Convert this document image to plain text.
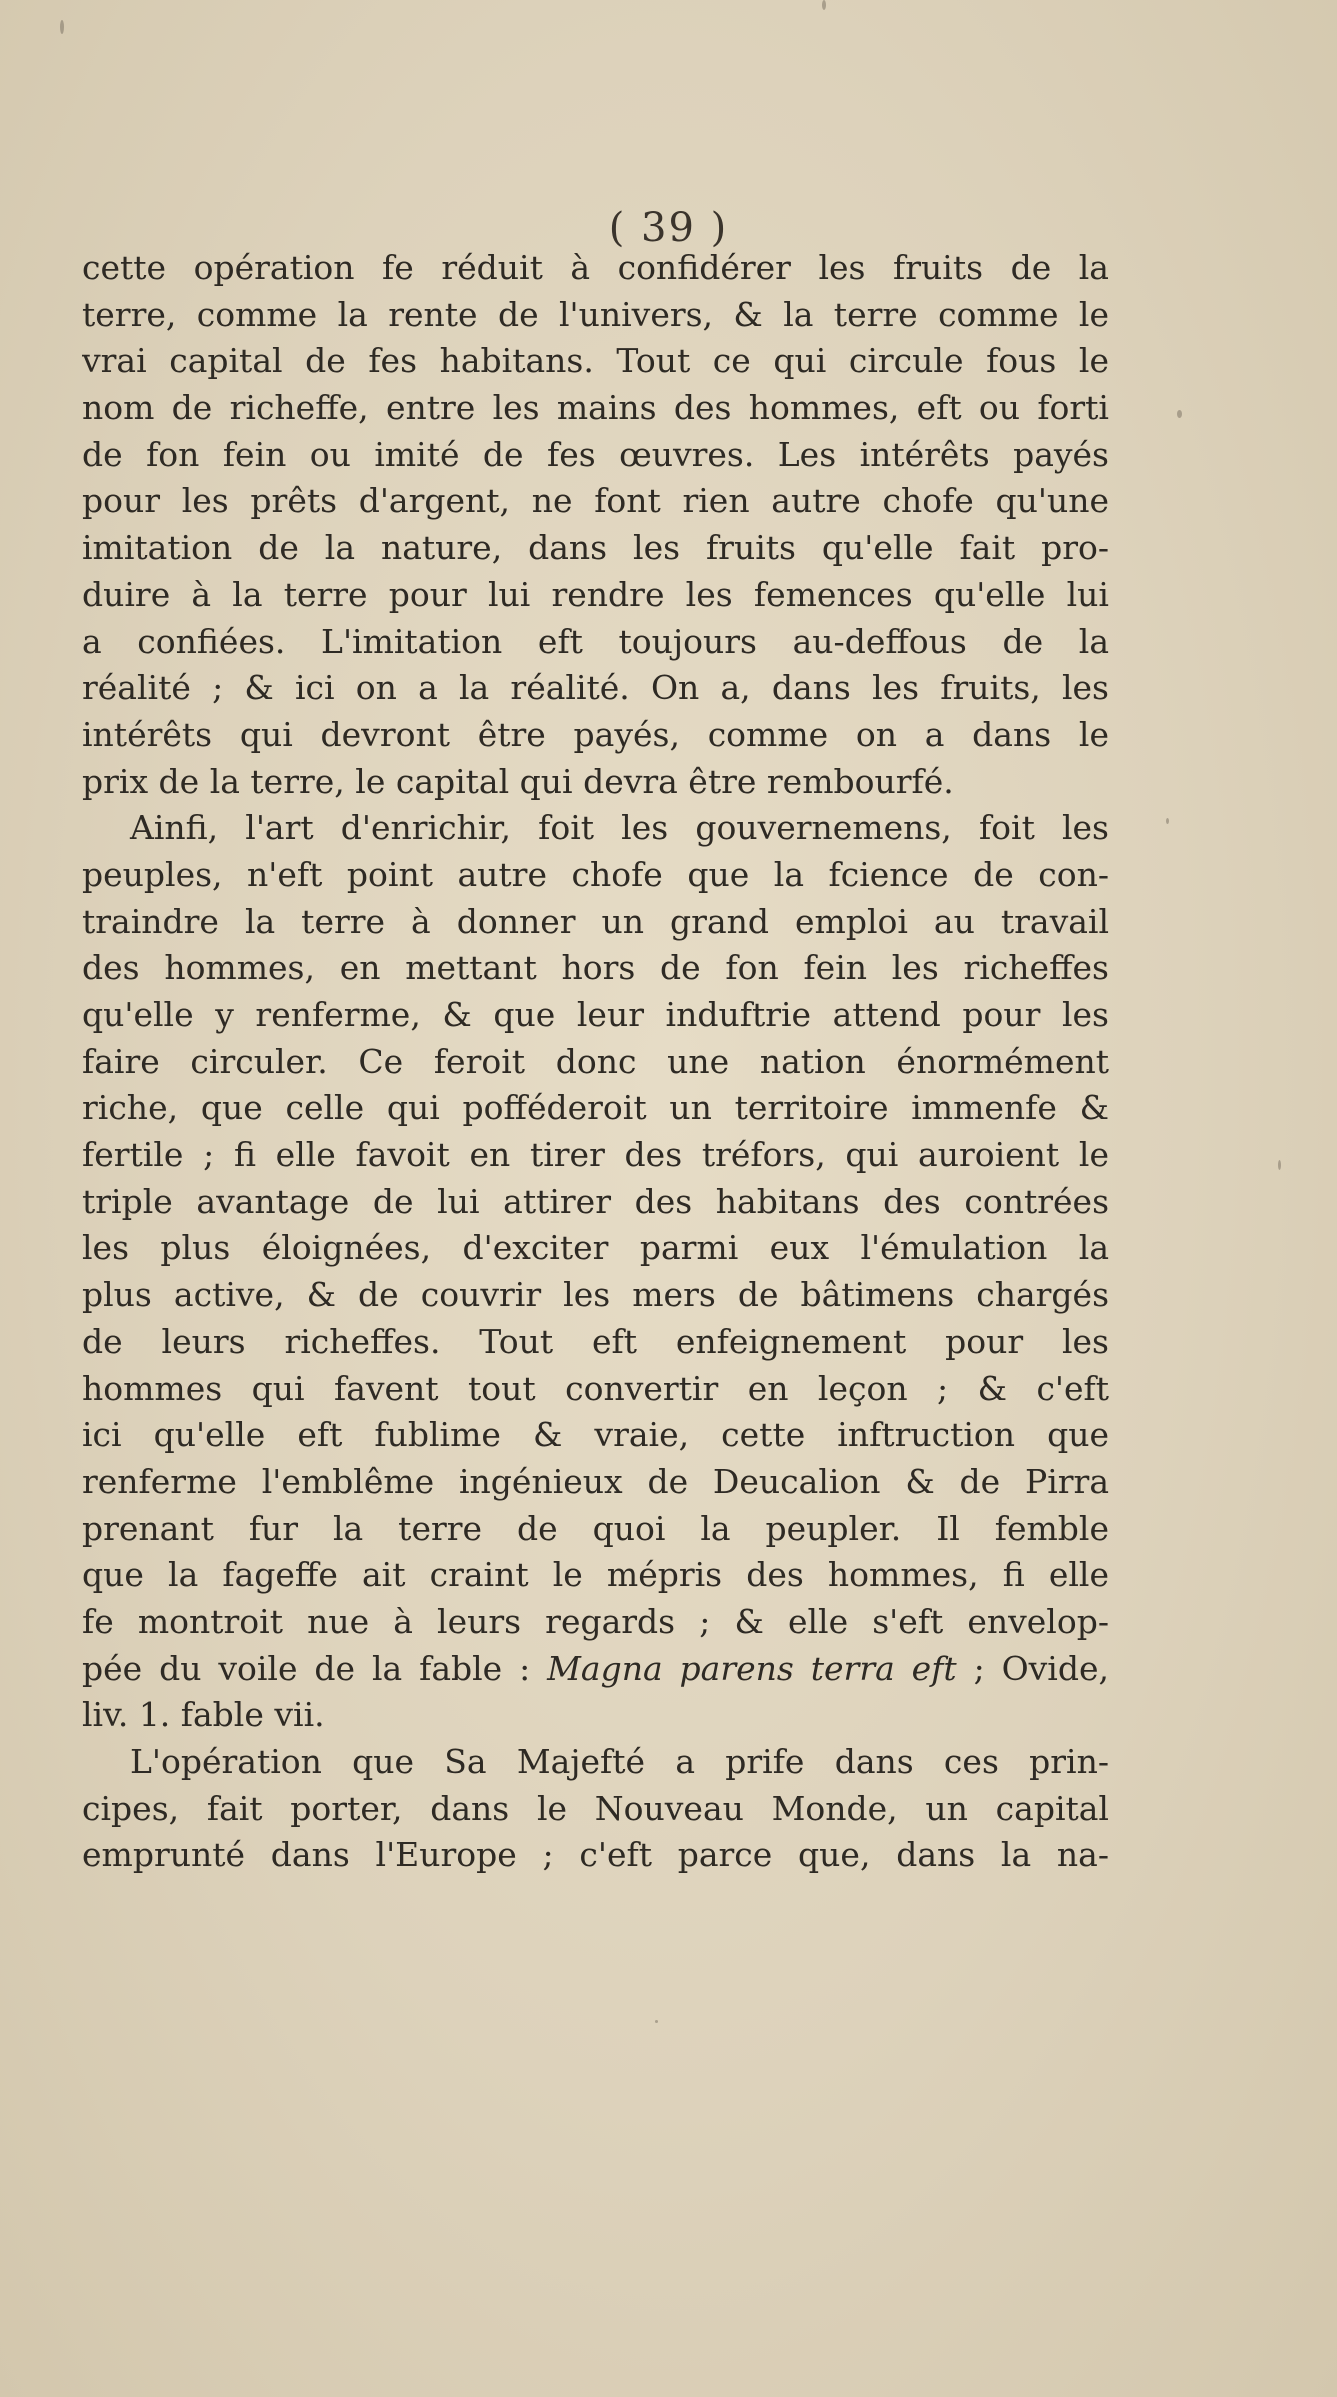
( 39 )
cette opération fe réduit à confidérer les fruits de la
terre, comme la rente de l'univers, & la terre comme le
vrai capital de fes habitans. Tout ce qui circule fous le
nom de richeffe, entre les mains des hommes, eft ou forti
de fon fein ou imité de fes œuvres. Les intérêts payés
pour les prêts d'argent, ne font rien autre chofe qu'une
imitation de la nature, dans les fruits qu'elle fait pro-
duire à la terre pour lui rendre les femences qu'elle lui
a confiées. L'imitation eft toujours au-deffous de la
réalité ; & ici on a la réalité. On a, dans les fruits, les
intérêts qui devront être payés, comme on a dans le
prix de la terre, le capital qui devra être rembourfé.
Ainfi, l'art d'enrichir, foit les gouvernemens, foit les
peuples, n'eft point autre chofe que la fcience de con-
traindre la terre à donner un grand emploi au travail
des hommes, en mettant hors de fon fein les richeffes
qu'elle y renferme, & que leur induftrie attend pour les
faire circuler. Ce feroit donc une nation énormément
riche, que celle qui pofféderoit un territoire immenfe &
fertile ; fi elle favoit en tirer des tréfors, qui auroient le
triple avantage de lui attirer des habitans des contrées
les plus éloignées, d'exciter parmi eux l'émulation la
plus active, & de couvrir les mers de bâtimens chargés
de leurs richeffes. Tout eft enfeignement pour les
hommes qui favent tout convertir en leçon ; & c'eft
ici qu'elle eft fublime & vraie, cette inftruction que
renferme l'emblême ingénieux de Deucalion & de Pirra
prenant fur la terre de quoi la peupler. Il femble
que la fageffe ait craint le mépris des hommes, fi elle
fe montroit nue à leurs regards ; & elle s'eft envelop-
pée du voile de la fable : Magna parens terra eft ; Ovide,
liv. 1. fable vii.
L'opération que Sa Majefté a prife dans ces prin-
cipes, fait porter, dans le Nouveau Monde, un capital
emprunté dans l'Europe ; c'eft parce que, dans la na-
